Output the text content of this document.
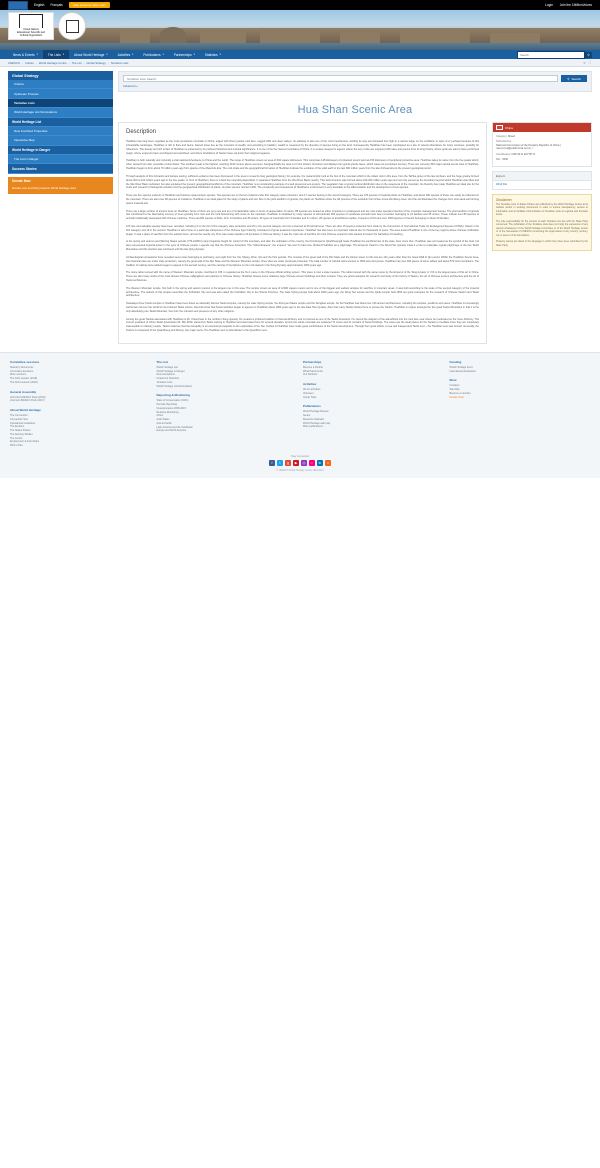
English Français	Help preserve sites now!	Login Join the 1MillionVoices
United Nations
Educational, Scientific and
Cultural Organization
News & Events ▾	The Lists ▾	About World Heritage ▾	Activities ▾	Publications ▾	Partnerships ▾	Statistics ▾	Search	⚲
UNESCO › Culture › World Heritage Centre › The List › Global Strategy › Tentative Lists	≺ ⛶
Global Strategy
Criteria
Upstream Process
Tentative Lists
World Heritage List Nominations
World Heritage List
New Inscribed Properties
Interactive Map
World Heritage in Danger
The List in Danger
Success Stories
Donate Now
Donate now and help preserve World Heritage sites
Tentative Lists Search
⚲ Search
Advanced »
Hua Shan Scenic Area
Description

HuaShan has long been regarded as the most precipitous mountain in China, edged with sheer granite rock face, rugged cliffs and deep valleys. Its pathway is also one of the most treacherous, winding its way two thousand feet high to a narrow ledge on the cordillera. In spite of or perhaps because of this inhospitable landscape, HuaShan is rich in flora and fauna. Sacred stone lies as the mountain of wealth, and according to tradition, wealth is measured by the diversity of species living on the land. Consequently HuaShan has been worshipped as a site of natural abundance for many centuries, possibly for millennium. The beauty and rich terrain of HuaShan is enhanced by its profound historical and cultural significance. It is one of the five Sacred mountains of China. It is a place steeped in legend, where the very rocks are engraved with tales and poems from its long history, where gods are said to have performed magic, where emperors have worshipped and sacrificed, and where forefathers of Taoism have sat down their religious legacies.

HuaShan is both naturally and culturally a vital national inheritance to China and the world. The range of HuaShan covers an area of 304 square kilometers. This comprises 148 kilometers of protected scenic land and 56 kilometers of peripheral protective area. HuaShan takes its name from the five peaks which, when viewed from afar, resemble a lotus flower. The southern peak is the highest, reaching 2160 meters above sea level. Geographically the area is of rock stratum formation and displays the typical granite faces, which cause its precipitous scenery. There are currently 323 major natural scenic sites in HuaShan. HuaShan began to form about 70 million years ago from granite of the Mesozoic Era. The rock strata and the geographical formation of HuaShan indicate the evolution of the solid earth in the last 300 million years from the late Archean Era to the present geological period.

Through analysis of this formation and isotope testing, sufficient evidence has been discovered in the area to reveal its long geological history; for example, the metamorphic rock at the foot of the mountain which is the oldest rock in this area, from the TaiHua group of the late Archean, and the huge granite formed about 200 to 100 million years ago in the five peaks. In front of HuaShan, there is a fault line extending East-West. It separates HuaShan form the Wei River Basin nearby. This fault structure was formed about 100-200 million years ago and not only served as the boundary beyond which HuaShan was lifted and the Wei River Basin subsided, but also explained the present geographical landforms of the mountain. HuaShan is an outstanding example of a well-preserved eco-system. The vegetation has a typical vertical distribution due to the steepness of the mountain. Its diversity has made HuaShan an ideal site for the study and research of biological evolution and the geographical distribution of plants. Its plant species number 1266. The complexity and uniqueness of HuaShan's environment is very favorable to the differentiation and the development of new species.

There are five species endemic to HuaShan and fourteen quasi-unique species. Two species are on the list of plants under first category state protection, and 17 species belong to the second category. There are 474 species of medical plants on HuaShan, and about 200 species of these can easily be collected on the mountain. There are also over 90 species of mutations. HuaShan is an ideal place for the study of plants and soil. Due to the joint landform of granite, the plants on HuaShan show the full process of the evolution from lichen-moss-shrubbery-trees. And the soil illustrates the changes from rock-sand-soil forming parent material-soil.

There are a large number of ancient trees on HuaShan. Some of them are very rare and are of considerable value in terms of appreciation of nature. 88 species are treated as either important or endangered and are now under special protection of the mountain management bureau. The joint landform of granite has contributed to the fascinating scenery of trees growing from rock and the rock blossoming with moss on the mountain. HuaShan is inhabited by many species of wild animals 284 species of vertebrate animals have been recorded, belonging to 24 families and 45 orders. These include over 80 species of animals traditionally associated with Chinese medicine. There are100 species of birds, form 14 families and 36 orders, 52 types of mammals from 5 families and 17 orders, 28 species of amphibious reptiles, 9 species of fish and over 1500 species of insects belonging to about 20 families.

123 rare and valuable species have been recorded, including 3 on the list of first category state protection and 20 in the second category and one protected at Provincial level. There are also 15 species protected from trade by the Convention of International Trade for Endangered Species (CITES). Noted in the first category and 10 in the second. HuaShan is also home to a particular subspecies of the Chinese tiger butterfly, considered of great academic importance. HuaShan has also been an important cultural site for thousands of years. The area around HuaShan is one of the key regions where Chinese civilization began. It was a place of sacrifice from the earliest times, and as the nearby city Xi'an was made capital to 13 dynasties in Chinese history, it was the main site of sacrifice for most Chinese emperors who wanted to lessen the hardships of travelling.

In the spring and autumn and Warring States periods (770-221BC) many kingdoms fought for control of this mountain, and after the unification of the country, the First Emperor Qinshihuangdi made HuaShan the sacrificial site of the state. Ever since then, HuaShan was not treated as the symbol of the God, but also represented imperial power in the eyes of Chinese people. Legends say that the Chinese Ancestors 'The Yellow Emperor', the emperor Yao and Yu had once climbed HuaShan as a pilgrimage. The Emperor Xuanzi in the West Han dynasty made it a rule to undertake regular pilgrimage to the five Taoist Mountains and this practice was continued until the late Qing dynasty.

Archaeological excavations have revealed seven sites belonging to prehistory, and eight from the Xia, Shang, Zhou, Qin and the Han periods. The remains of the great wall of the Wei State and the barzon tower on this site are 141 years older than the Great Wall of Qin period. Within the HuaShan Scenic Area, two historical sites are under state protection, namely the great wall of the Wei State and the Western Mountain temple, three sites are under provincial protection. The total number of cultural relics amount to 1500 sets and pieces. HuaShan has over 300 pieces of stone tablets and about 570 rock inscriptions. The tradition of making stone tablets began to appear in the second century, and the carving of inscriptions on the rock started in the Song Dynasty approximately 1000 years ago.

The stone tablet carved with the name of Western Mountain temple, inscribed in 165, is regarded as the No 1 piece in the Chinese official writing system. This piece is now a state treasure. The tablet carved with the same name by the Emperor of the Tang dynasty in 724 is the largest piece of this art in China. There are also many works of the most famous Chinese calligraphers and painters in Chinese history. HuaShan houses some relatively large Chinese ancient buildings and their remains. They are good examples for research and study of the history of Taoism, the art of Chinese ancient architecture and the art of Taoist architecture.

The Western Mountain temple, first built in the spring and autumn period, is the largest one in this area. The temple covers an area of 12000 square meters and is one of the biggest and earliest temples for sacrifice in mountain areas. It was built according to the scale of the second category of the imperial architecture. The outlook of this temple resembles the Forbidden City and was also called the Forbidden City in the Shanxi Province. The Jade Spring temple built about 1000 years ago, the Dong Tao temple and the Qinke temple built 1500 are good examples for the research of Chinese Taoism and Taoist architecture.

Nowadays three Taoist temples in HuaShan have been listed as nationally famous Taoist temples, namely the Jade Spring temple, the Zhenyue Palace temple and the Dongdao temple. So far HuaShan has listed over 120 ancient architectures, including the temples, pavilions and caves. HuaShan is increasingly well known all over the world for its profound Taoist culture. Records show that Taoist activities began to appear on HuaShan about 1800 years ago in the late East Han dynasty. After that many Taoists flocked here to pursue the Taoism. HuaShan is unique amongst the five great Taoist Mountains in that it is the only absolutely pure Taoist Mountain, free from the intrusion and presence of any other religions.

Among the great Taoists associated with HuaShan is Mr. Chenchuan in the northern Song dynasty. He created a profound tradition of internal Alchemy and is honored as one of the Taoist Ancestors. He carved the diagram of the aftereffects into the rock face near where he medicated on the Inner Alchemy. The current president of China Taoist Association Mr. Min Zhitin started his Taoist training in HuaShan and was based here for several decades. Across the whole mountain are scattered 72 caves and 21 remains of Taoist buildings. The caves are the ideal places for the Taoists to meditate since they are completely inaccessible to ordinary people. Taoism believes that the tranquility is an essential prerequisite to the exploration of the Tao. Taoists in HuaShan have made great contributions to the Taoist development. Through their great efforts, a new and independent Taoist sect – the HuaShan sect was formed. Generally, the Taoism is composed of the QuanZheng and Zhenyi, two major sects. The HuaShan sect is subordinate to the QuanZhen sect.

China
Category: Mixed
Submitted by:
National Commission of the People's Republic of China ( nat.commi@public1.bta.net.cn )
Coordinates: N34°30' E 110°05' N
Ref.: 1530
Export
Word File
Disclaimer
The Tentative Lists of States Parties are published by the World Heritage Centre at its website and/or in working documents in order to ensure transparency, access to information and to facilitate harmonization of Tentative Lists at regional and thematic levels.
The sole responsibility for the content of each Tentative List lies with the State Party concerned. The publication of the Tentative Lists does not imply the expression of any opinion whatsoever of the World Heritage Committee or of the World Heritage Centre or of the Secretariat of UNESCO concerning the legal status of any country, territory, city or area or of its boundaries.
Property names are listed in the language in which they have been submitted by the State Party.
Committee sessions
Statutory Documents
Committee decisions
More sessions
The 43rd session (2019)
The 42nd session (2018)
General Assembly
22nd GA UNESCO Paris (2019)
21st GA UNESCO Paris (2017)
About World Heritage
The Convention
Convention Text
Operational Guidelines
The Emblem
The States Parties
The Advisory Bodies
The Centre
Employment & Internships
Who's Who
The List
World Heritage List
World Heritage in Danger
New Inscriptions
Criteria for Selection
Tentative Lists
World Heritage List Nominations
Reporting & Monitoring
State of Conservation (SOC)
Periodic Reporting
Questionnaires 2008-2015
Reactive Monitoring
Africa
Arab States
Asia & Pacific
Latin America and the Caribbean
Europe and North America
Partnerships
Become a Partner
What Partners Do
Our Partners
Activities
All our activities
Volunteer
Group Tools
Publications
World Heritage Review
Series
Resource Manuals
World Heritage wall map
More publications ...
Funding
World Heritage Fund
International Assistance
More
Contacts
Site Map
Become a member
Donate Now!
Stay connected
f	t	g	▶	◎	•	in	≈
© UNESCO World Heritage Centre 1992-2019
